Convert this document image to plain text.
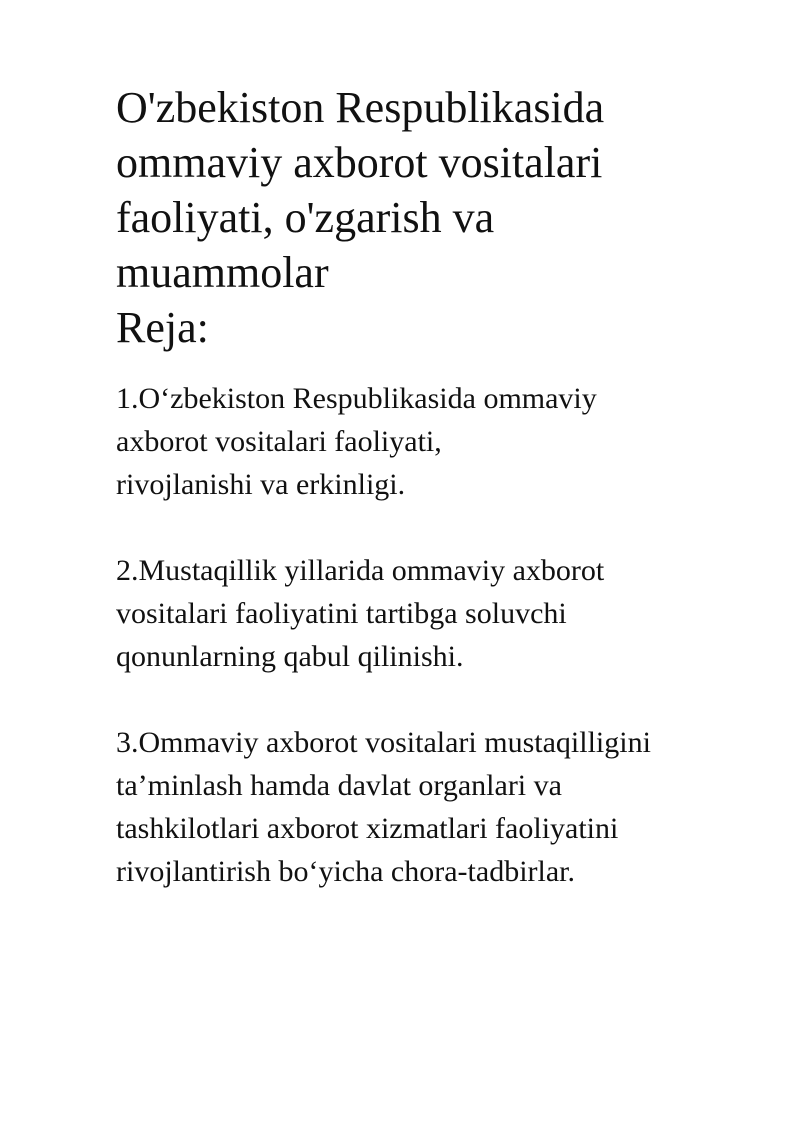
O'zbekiston Respublikasida
ommaviy axborot vositalari
faoliyati, o'zgarish va
muammolar
Reja:

1.O‘zbekiston Respublikasida ommaviy
axborot vositalari faoliyati,
rivojlanishi va erkinligi.

2.Mustaqillik yillarida ommaviy axborot
vositalari faoliyatini tartibga soluvchi
qonunlarning qabul qilinishi.

3.Ommaviy axborot vositalari mustaqilligini
ta’minlash hamda davlat organlari va
tashkilotlari axborot xizmatlari faoliyatini
rivojlantirish bo‘yicha chora-tadbirlar.
